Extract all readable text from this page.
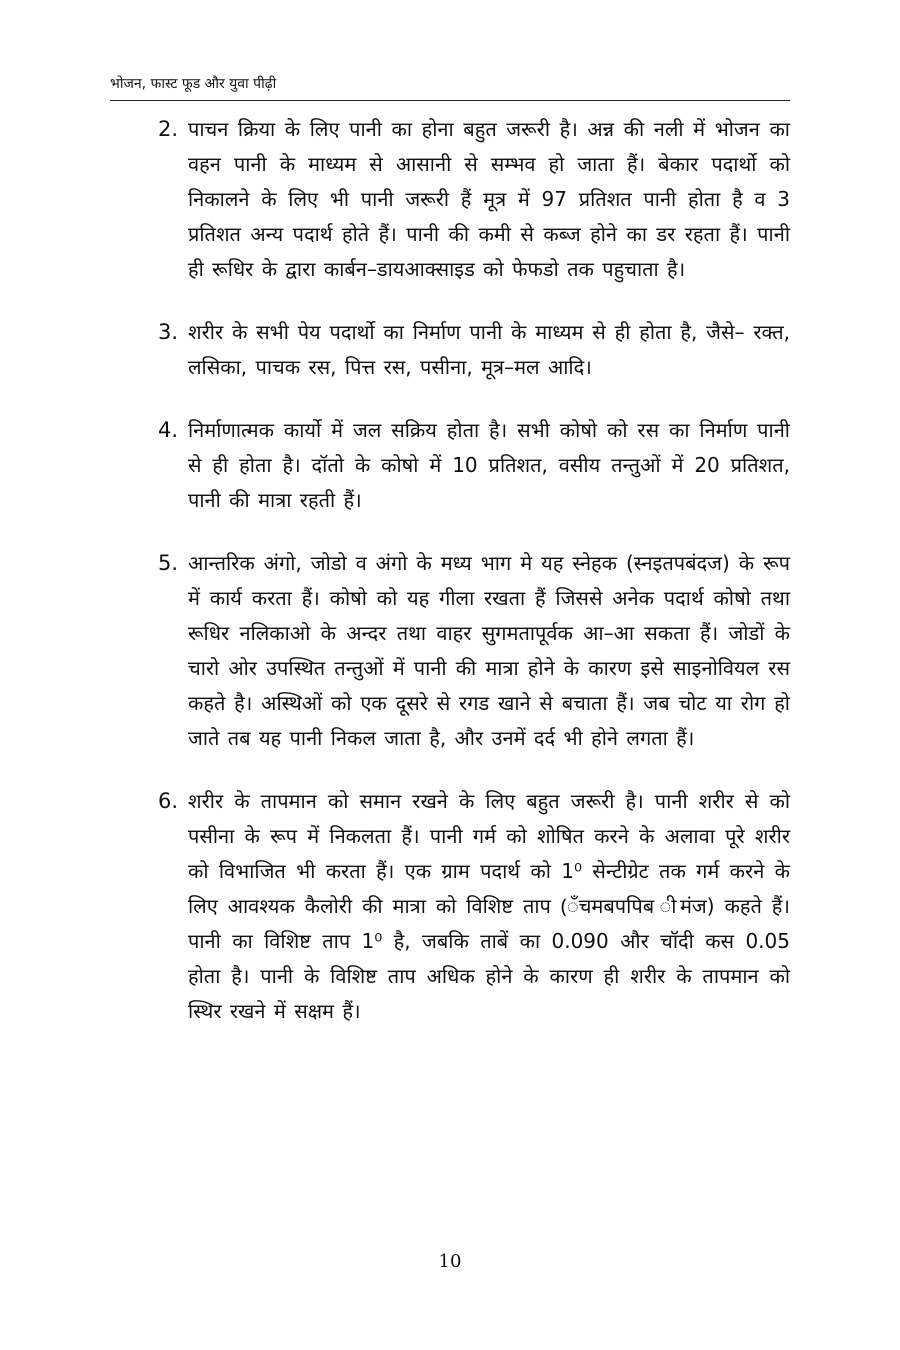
भोजन, फास्ट फूड और युवा पीढ़ी
2. पाचन क्रिया के लिए पानी का होना बहुत जरूरी है। अन्न की नली में भोजन का वहन पानी के माध्यम से आसानी से सम्भव हो जाता हैं। बेकार पदार्थो को निकालने के लिए भी पानी जरूरी हैं मूत्र में 97 प्रतिशत पानी होता है व 3 प्रतिशत अन्य पदार्थ होते हैं। पानी की कमी से कब्ज होने का डर रहता हैं। पानी ही रूधिर के द्वारा कार्बन–डायआक्साइड को फेफडो तक पहुचाता है।
3. शरीर के सभी पेय पदार्थो का निर्माण पानी के माध्यम से ही होता है, जैसे– रक्त, लसिका, पाचक रस, पित्त रस, पसीना, मूत्र–मल आदि।
4. निर्माणात्मक कार्यो में जल सक्रिय होता है। सभी कोषो को रस का निर्माण पानी से ही होता है। दॉतो के कोषो में 10 प्रतिशत, वसीय तन्तुओं में 20 प्रतिशत, पानी की मात्रा रहती हैं।
5. आन्तरिक अंगो, जोडो व अंगो के मध्य भाग मे यह स्नेहक (स्नइतपबंदज) के रूप में कार्य करता हैं। कोषो को यह गीला रखता हैं जिससे अनेक पदार्थ कोषो तथा रूधिर नलिकाओ के अन्दर तथा वाहर सुगमतापूर्वक आ–आ सकता हैं। जोडों के चारो ओर उपस्थित तन्तुओं में पानी की मात्रा होने के कारण इसे साइनोवियल रस कहते है। अस्थिओं को एक दूसरे से रगड खाने से बचाता हैं। जब चोट या रोग हो जाते तब यह पानी निकल जाता है, और उनमें दर्द भी होने लगता हैं।
6. शरीर के तापमान को समान रखने के लिए बहुत जरूरी है। पानी शरीर से को पसीना के रूप में निकलता हैं। पानी गर्म को शोषित करने के अलावा पूरे शरीर को विभाजित भी करता हैं। एक ग्राम पदार्थ को 1⁰ सेन्टीग्रेट तक गर्म करने के लिए आवश्यक कैलोरी की मात्रा को विशिष्ट ताप (ँचमबपपिब ीमंज) कहते हैं। पानी का विशिष्ट ताप 1⁰ है, जबकि ताबें का 0.090 और चॉदी कस 0.05 होता है। पानी के विशिष्ट ताप अधिक होने के कारण ही शरीर के तापमान को स्थिर रखने में सक्षम हैं।
10
